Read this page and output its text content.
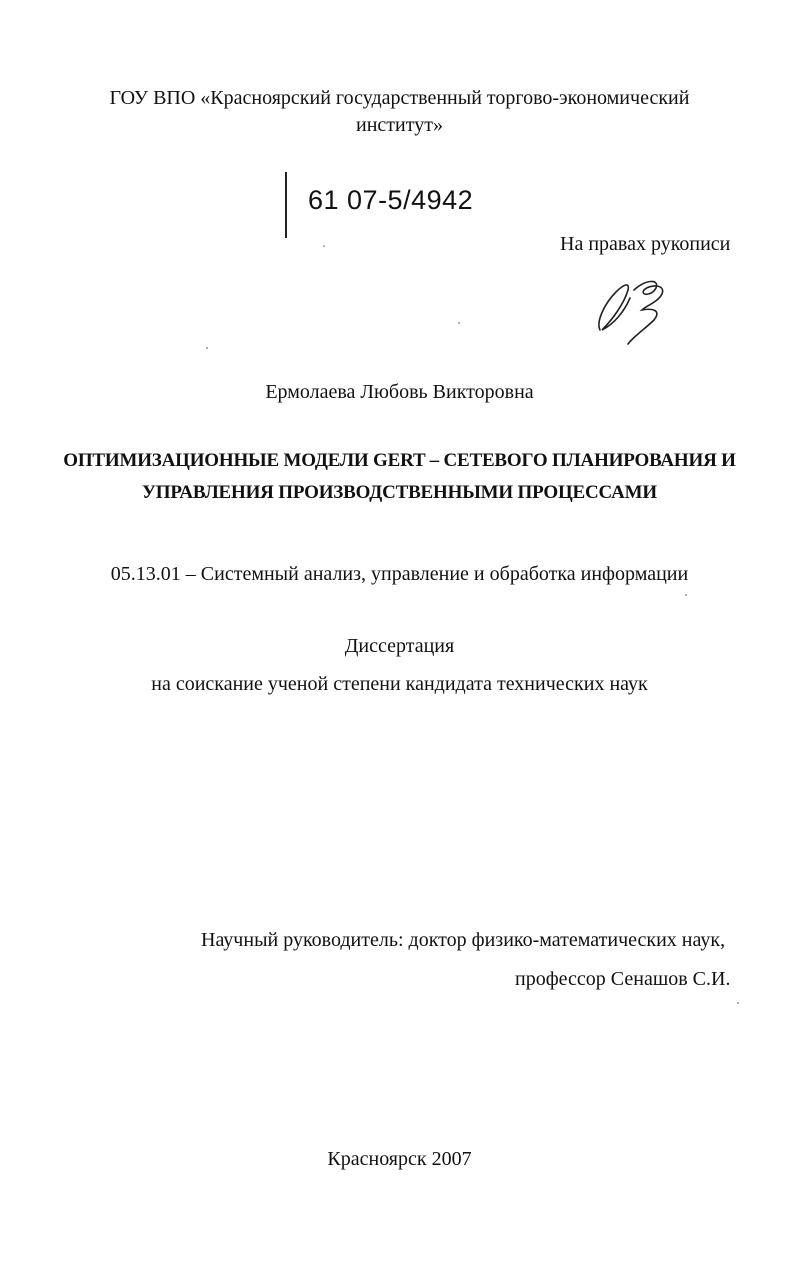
ГОУ ВПО «Красноярский государственный торгово-экономический
институт»
61 07-5/4942
На правах рукописи
Ермолаева Любовь Викторовна
ОПТИМИЗАЦИОННЫЕ МОДЕЛИ GERT – СЕТЕВОГО ПЛАНИРОВАНИЯ И
УПРАВЛЕНИЯ ПРОИЗВОДСТВЕННЫМИ ПРОЦЕССАМИ
05.13.01 – Системный анализ, управление и обработка информации
Диссертация
на соискание ученой степени кандидата технических наук
Научный руководитель: доктор физико-математических наук,
профессор Сенашов С.И.
Красноярск 2007
